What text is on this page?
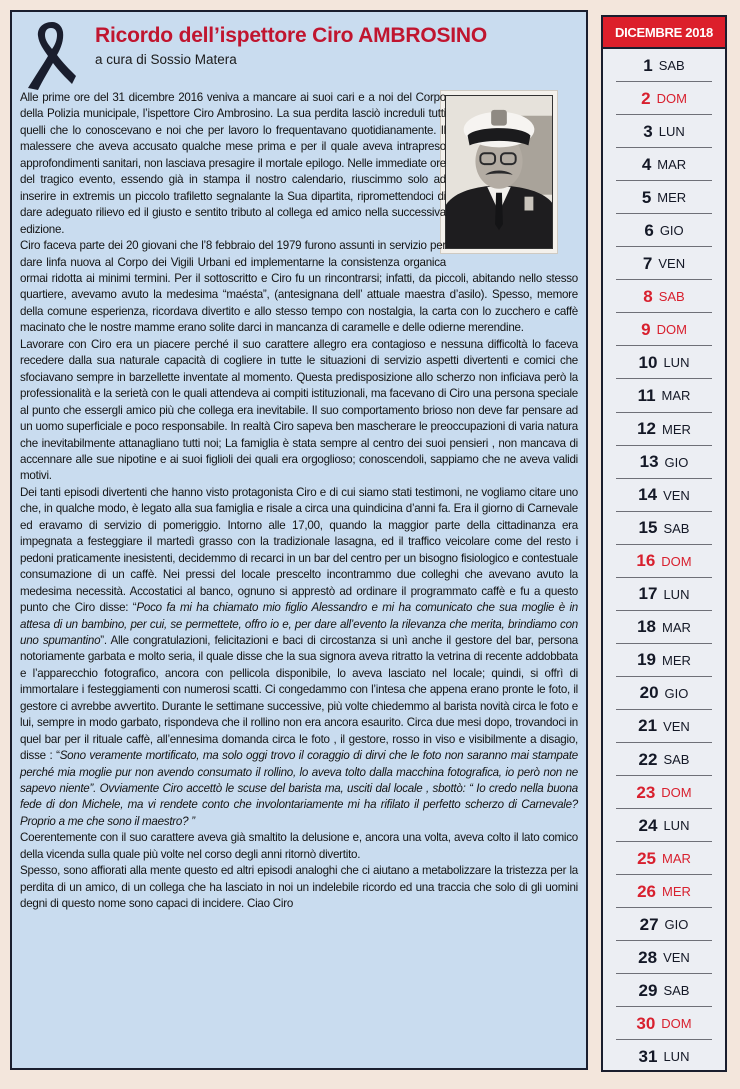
Ricordo dell’ispettore Ciro AMBROSINO
a cura di Sossio Matera

Alle prime ore del 31 dicembre 2016 veniva a mancare ai suoi cari e a noi del Corpo della Polizia municipale, l’ispettore Ciro Ambrosino. La sua perdita lasciò increduli tutti quelli che lo conoscevano e noi che per lavoro lo frequentavano quotidianamente. Il malessere che aveva accusato qualche mese prima e per il quale aveva intrapreso approfondimenti sanitari, non lasciava presagire il mortale epilogo. Nelle immediate ore del tragico evento, essendo già in stampa il nostro calendario, riuscimmo solo ad inserire in extremis un piccolo trafiletto segnalante la Sua dipartita, ripromettendoci di dare adeguato rilievo ed il giusto e sentito tributo al collega ed amico nella successiva edizione.

Ciro faceva parte dei 20 giovani che l’8 febbraio del 1979 furono assunti in servizio per dare linfa nuova al Corpo dei Vigili Urbani ed implementarne la consistenza organica ormai ridotta ai minimi termini. Per il sottoscritto e Ciro fu un rincontrarsi; infatti, da piccoli, abitando nello stesso quartiere, avevamo avuto la medesima “maésta”, (antesignana dell’ attuale maestra d’asilo). Spesso, memore della comune esperienza, ricordava divertito e allo stesso tempo con nostalgia, la carta con lo zucchero e caffè macinato che le nostre mamme erano solite darci in mancanza di caramelle e delle odierne merendine.

Lavorare con Ciro era un piacere perché il suo carattere allegro era contagioso e nessuna difficoltà lo faceva recedere dalla sua naturale capacità di cogliere in tutte le situazioni di servizio aspetti divertenti e comici che sfociavano sempre in barzellette inventate al momento. Questa predisposizione allo scherzo non inficiava però la professionalità e la serietà con le quali attendeva ai compiti istituzionali, ma facevano di Ciro una persona speciale al punto che essergli amico più che collega era inevitabile. Il suo comportamento brioso non deve far pensare ad un uomo superficiale e poco responsabile. In realtà Ciro sapeva ben mascherare le preoccupazioni di varia natura che inevitabilmente attanagliano tutti noi; La famiglia è stata sempre al centro dei suoi pensieri , non mancava di accennare alle sue nipotine e ai suoi figlioli dei quali era orgoglioso; conoscendoli, sappiamo che ne aveva validi motivi.

Dei tanti episodi divertenti che hanno visto protagonista Ciro e di cui siamo stati testimoni, ne vogliamo citare uno che, in qualche modo, è legato alla sua famiglia e risale a circa una quindicina d’anni fa. Era il giorno di Carnevale ed eravamo di servizio di pomeriggio. Intorno alle 17,00, quando la maggior parte della cittadinanza era impegnata a festeggiare il martedì grasso con la tradizionale lasagna, ed il traffico veicolare come del resto i pedoni praticamente inesistenti, decidemmo di recarci in un bar del centro per un bisogno fisiologico e contestuale consumazione di un caffè. Nei pressi del locale prescelto incontrammo due colleghi che avevano avuto la medesima necessità. Accostatici al banco, ognuno si apprestò ad ordinare il programmato caffè e fu a questo punto che Ciro disse: “Poco fa mi ha chiamato mio figlio Alessandro e mi ha comunicato che sua moglie è in attesa di un bambino, per cui, se permettete, offro io e, per dare all’evento la rilevanza che merita, brindiamo con uno spumantino”. Alle congratulazioni, felicitazioni e baci di circostanza si unì anche il gestore del bar, persona notoriamente garbata e molto seria, il quale disse che la sua signora aveva ritratto la vetrina di recente addobbata e l’apparecchio fotografico, ancora con pellicola disponibile, lo aveva lasciato nel locale; quindi, si offrì di immortalare i festeggiamenti con numerosi scatti. Ci congedammo con l’intesa che appena erano pronte le foto, il gestore ci avrebbe avvertito. Durante le settimane successive, più volte chiedemmo al barista novità circa le foto e lui, sempre in modo garbato, rispondeva che il rollino non era ancora esaurito. Circa due mesi dopo, trovandoci in quel bar per il rituale caffè, all’ennesima domanda circa le foto , il gestore, rosso in viso e visibilmente a disagio, disse : “Sono veramente mortificato, ma solo oggi trovo il coraggio di dirvi che le foto non saranno mai stampate perché mia moglie pur non avendo consumato il rollino, lo aveva tolto dalla macchina fotografica, io però non ne sapevo niente”. Ovviamente Ciro accettò le scuse del barista ma, usciti dal locale , sbottò: “ Io credo nella buona fede di don Michele, ma vi rendete conto che involontariamente mi ha rifilato il perfetto scherzo di Carnevale? Proprio a me che sono il maestro? ”

Coerentemente con il suo carattere aveva già smaltito la delusione e, ancora una volta, aveva colto il lato comico della vicenda sulla quale più volte nel corso degli anni ritornò divertito.

Spesso, sono affiorati alla mente questo ed altri episodi analoghi che ci aiutano a metabolizzare la tristezza per la perdita di un amico, di un collega che ha lasciato in noi un indelebile ricordo ed una traccia che solo di gli uomini degni di questo nome sono capaci di incidere. Ciao Ciro

DICEMBRE 2018
1 SAB
2 DOM
3 LUN
4 MAR
5 MER
6 GIO
7 VEN
8 SAB
9 DOM
10 LUN
11 MAR
12 MER
13 GIO
14 VEN
15 SAB
16 DOM
17 LUN
18 MAR
19 MER
20 GIO
21 VEN
22 SAB
23 DOM
24 LUN
25 MAR
26 MER
27 GIO
28 VEN
29 SAB
30 DOM
31 LUN
